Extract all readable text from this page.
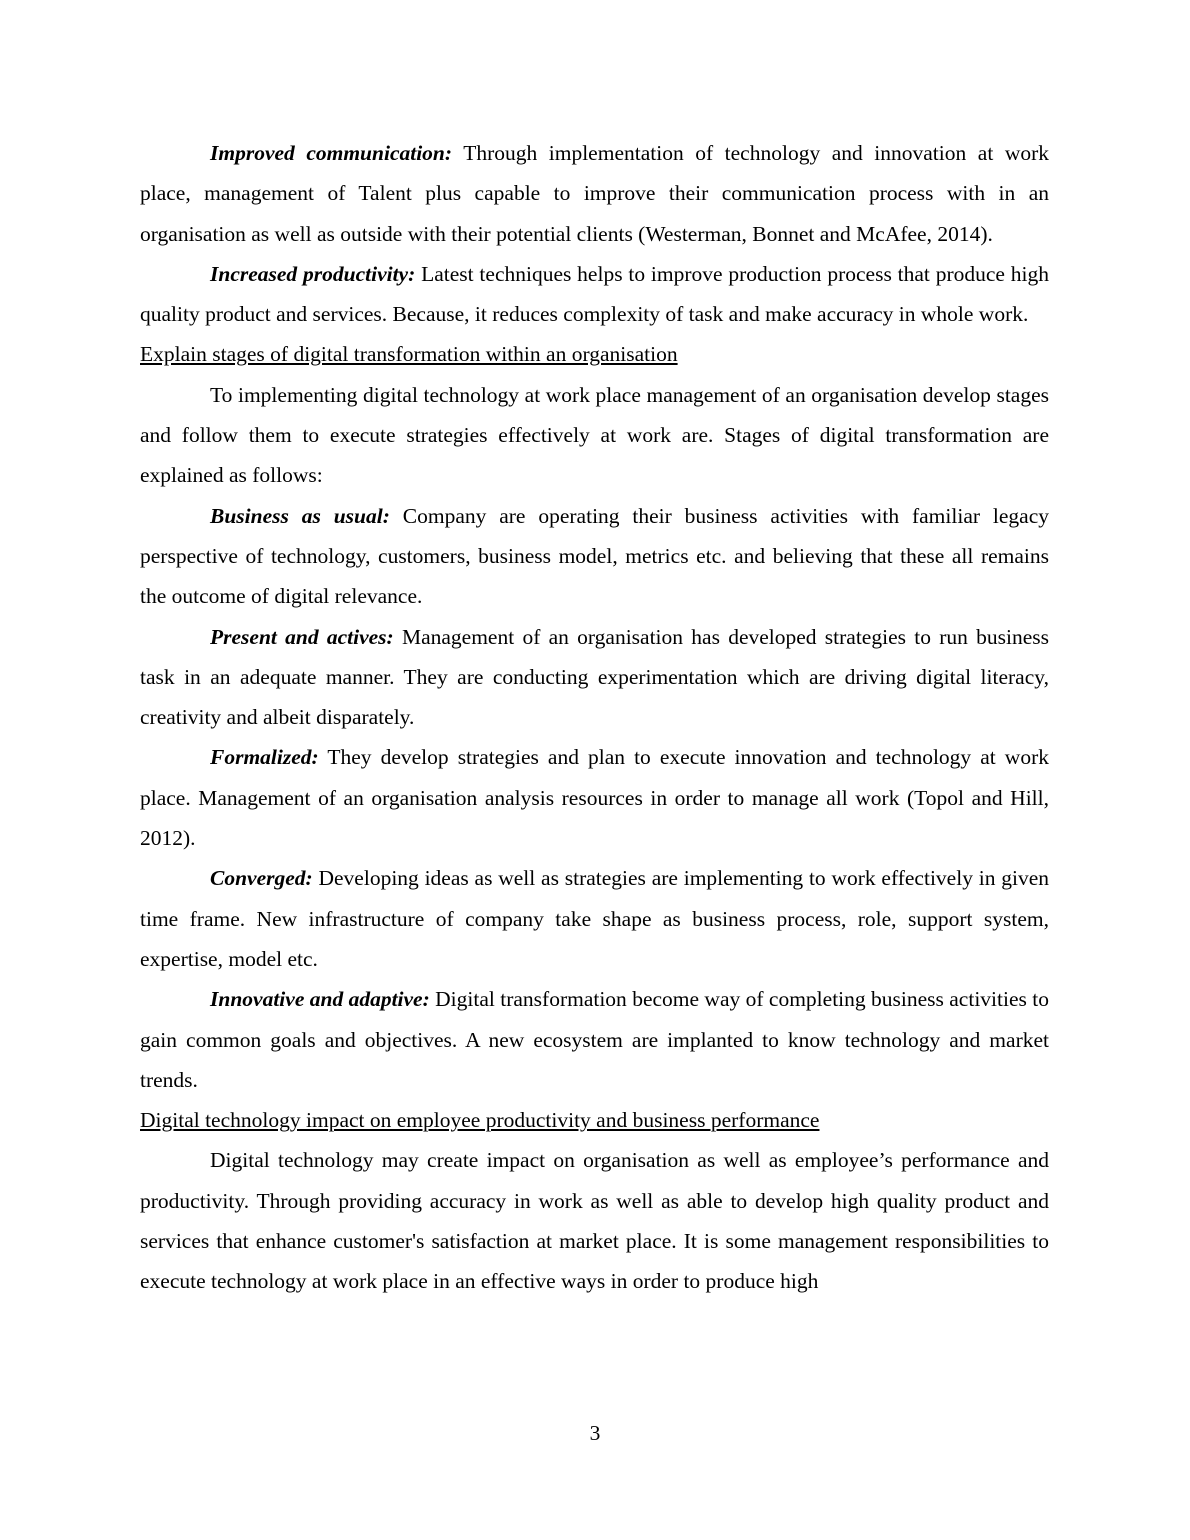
Improved communication: Through implementation of technology and innovation at work place, management of Talent plus capable to improve their communication process with in an organisation as well as outside with their potential clients (Westerman, Bonnet and McAfee, 2014).

Increased productivity: Latest techniques helps to improve production process that produce high quality product and services. Because, it reduces complexity of task and make accuracy in whole work.

Explain stages of digital transformation within an organisation

To implementing digital technology at work place management of an organisation develop stages and follow them to execute strategies effectively at work are. Stages of digital transformation are explained as follows:

Business as usual: Company are operating their business activities with familiar legacy perspective of technology, customers, business model, metrics etc. and believing that these all remains the outcome of digital relevance.

Present and actives: Management of an organisation has developed strategies to run business task in an adequate manner. They are conducting experimentation which are driving digital literacy, creativity and albeit disparately.

Formalized: They develop strategies and plan to execute innovation and technology at work place. Management of an organisation analysis resources in order to manage all work (Topol and Hill, 2012).

Converged: Developing ideas as well as strategies are implementing to work effectively in given time frame. New infrastructure of company take shape as business process, role, support system, expertise, model etc.

Innovative and adaptive: Digital transformation become way of completing business activities to gain common goals and objectives. A new ecosystem are implanted to know technology and market trends.

Digital technology impact on employee productivity and business performance

Digital technology may create impact on organisation as well as employee’s performance and productivity. Through providing accuracy in work as well as able to develop high quality product and services that enhance customer's satisfaction at market place. It is some management responsibilities to execute technology at work place in an effective ways in order to produce high

3
